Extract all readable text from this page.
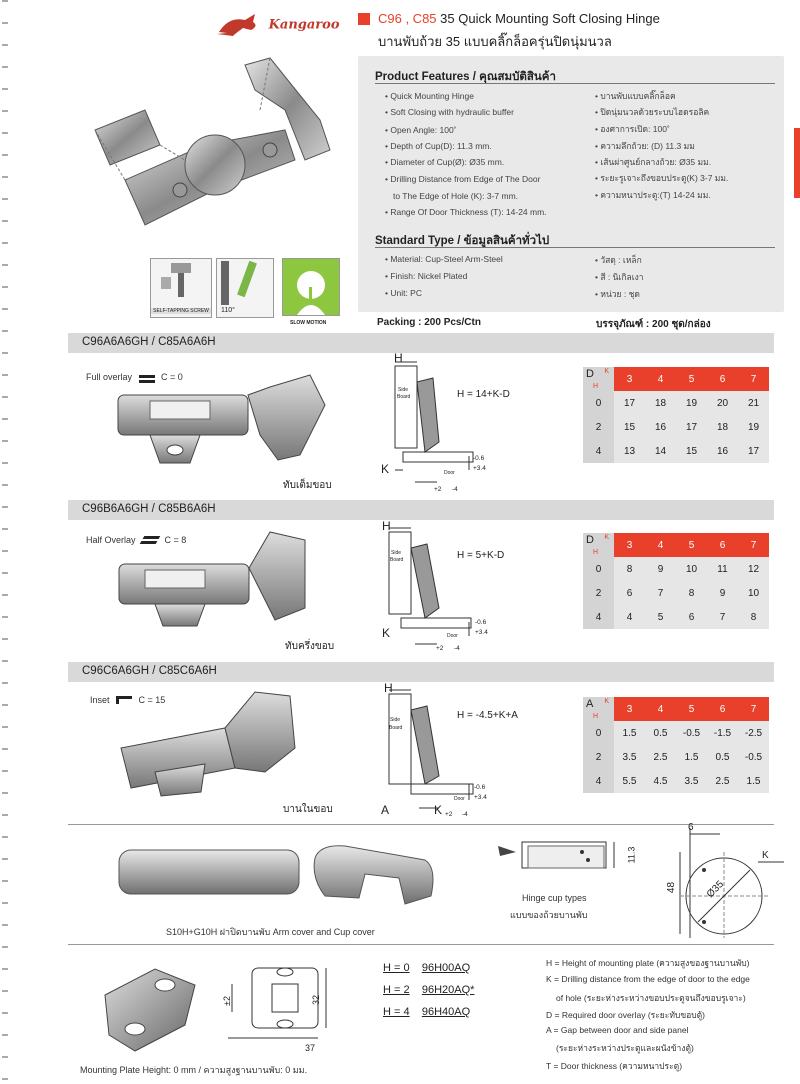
Kangaroo	C96 , C85 35 Quick Mounting Soft Closing Hinge
บานพับถ้วย 35 แบบคลิ๊กล็อครุ่นปิดนุ่มนวล
SELF-TAPPING SCREW	110°
SLOW MOTION
Product Features / คุณสมบัติสินค้า
• Quick Mounting Hinge
• Soft Closing with hydraulic buffer
• Open Angle: 100˚
• Depth of Cup(D): 11.3 mm.
• Diameter of Cup(Ø): Ø35 mm.
• Drilling Distance from Edge of The Door
to The Edge of Hole (K): 3-7 mm.
• Range Of Door Thickness (T): 14-24 mm.
• บานพับแบบคลิ๊กล็อค
• ปิดนุ่มนวลด้วยระบบไฮดรอลิค
• องศาการเปิด: 100˚
• ความลึกถ้วย: (D) 11.3 มม
• เส้นผ่าศูนย์กลางถ้วย: Ø35 มม.
• ระยะรูเจาะถึงขอบประตู(K) 3-7 มม.
• ความหนาประตู:(T) 14-24 มม.
Standard Type / ข้อมูลสินค้าทั่วไป
• Material: Cup-Steel Arm-Steel
• Finish: Nickel Plated
• Unit: PC
• วัสดุ : เหล็ก
• สี : นิเกิลเงา
• หน่วย : ชุด
Packing : 200 Pcs/Ctn	บรรจุภัณฑ์ : 200 ชุด/กล่อง
C96A6A6GH / C85A6A6H
Full overlay	C = 0
ทับเต็มขอบ
H
K
Side
Board
Door
-0.6
+3.4
+2 -4
H = 14+K-D
D K
H	3	4	5	6	7
0	17	18	19	20	21
2	15	16	17	18	19
4	13	14	15	16	17
C96B6A6GH / C85B6A6H
Half Overlay	C = 8
ทับครึ่งขอบ
H
K
Side
Board
Door
-0.6
+3.4
+2 -4
H = 5+K-D
D K
H	3	4	5	6	7
0	8	9	10	11	12
2	6	7	8	9	10
4	4	5	6	7	8
C96C6A6GH / C85C6A6H
Inset	C = 15
บานในขอบ
H
A	K
Side
Board
Door
-0.6
+3.4
+2 -4
H = -4.5+K+A
A K
H	3	4	5	6	7
0	1.5	0.5	-0.5	-1.5	-2.5
2	3.5	2.5	1.5	0.5	-0.5
4	5.5	4.5	3.5	2.5	1.5
S10H+G10H ฝาปิดบานพับ Arm cover and Cup cover
11.3
Hinge cup types
แบบของถ้วยบานพับ
6
48	Ø35
K
Mounting Plate Height: 0 mm / ความสูงฐานบานพับ: 0 มม.
±2	32
37
H = 0 96H00AQ
H = 2 96H20AQ*
H = 4 96H40AQ
H = Height of mounting plate (ความสูงของฐานบานพับ)
K = Drilling distance from the edge of door to the edge
of hole (ระยะห่างระหว่างขอบประตูจนถึงขอบรูเจาะ)
D = Required door overlay (ระยะทับขอบตู้)
A = Gap between door and side panel
(ระยะห่างระหว่างประตูและผนังข้างตู้)
T = Door thickness (ความหนาประตู)
